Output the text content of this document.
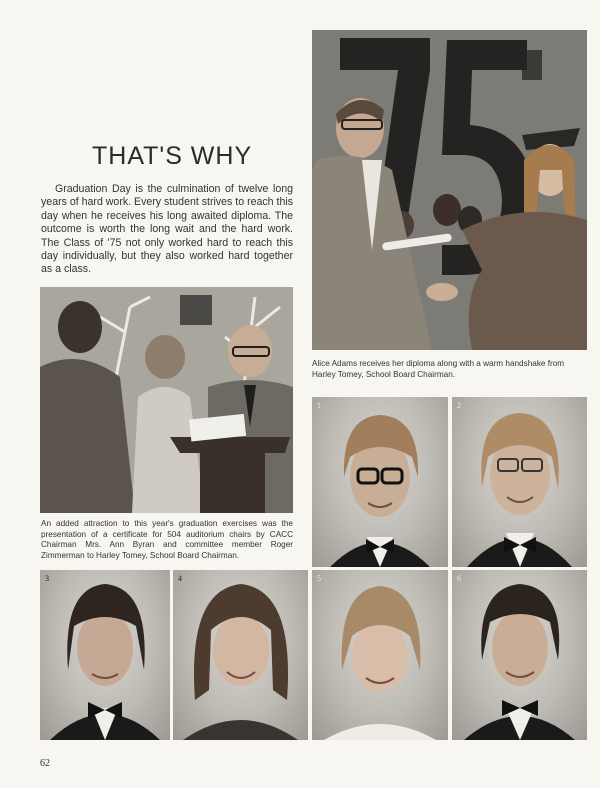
THAT'S WHY

Graduation Day is the culmination of twelve long years of hard work. Every student strives to reach this day when he receives his long awaited diploma. The outcome is worth the long wait and the hard work. The Class of '75 not only worked hard to reach this day individually, but they also worked hard together as a class.

Alice Adams receives her diploma along with a warm handshake from Harley Tomey, School Board Chairman.
An added attraction to this year's graduation exercises was the presentation of a certificate for 504 auditorium chairs by CACC Chairman Mrs. Ann Byran and committee member Roger Zimmerman to Harley Tomey, School Board Chairman.
1	2
3	4	5	6
62
